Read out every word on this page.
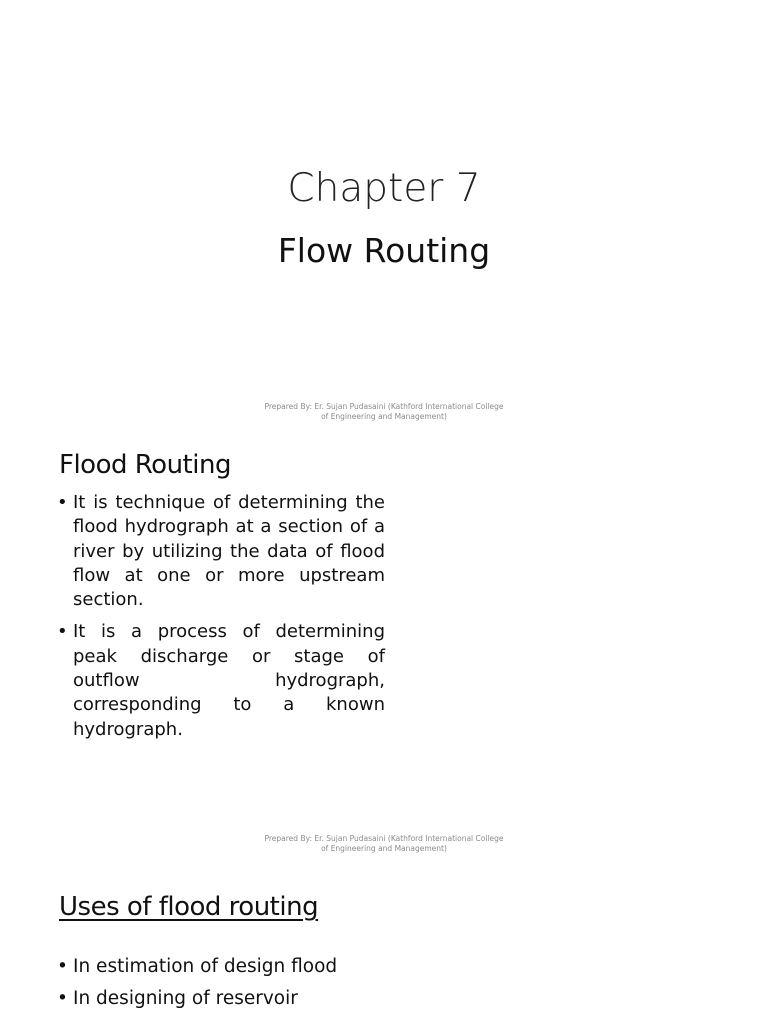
Chapter 7
Flow Routing
Prepared By: Er. Sujan Pudasaini (Kathford International College
of Engineering and Management)
Flood Routing
• It is technique of determining the flood hydrograph at a section of a river by utilizing the data of flood flow at one or more upstream section.
• It is a process of determining peak discharge or stage of outflow hydrograph, corresponding to a known hydrograph.
Prepared By: Er. Sujan Pudasaini (Kathford International College
of Engineering and Management)
Uses of flood routing
• In estimation of design flood
• In designing of reservoir
